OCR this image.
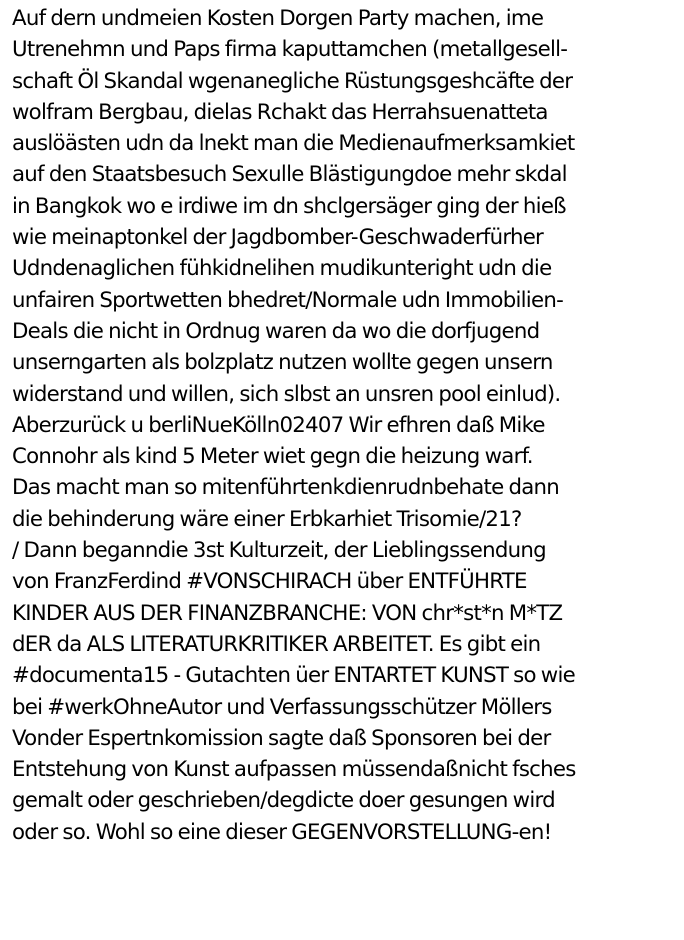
Auf dern undmeien Kosten Dorgen Party machen, ime
Utrenehmn und Paps firma kaputtamchen (metallgesell-
schaft Öl Skandal wgenanegliche Rüstungsgeshcäfte der
wolfram Bergbau, dielas Rchakt das Herrahsuenatteta
auslöästen udn da lnekt man die Medienaufmerksamkiet
auf den Staatsbesuch Sexulle Blästigungdoe mehr skdal
in Bangkok wo e irdiwe im dn shclgersäger ging der hieß
wie meinaptonkel der Jagdbomber-Geschwaderfürher
Udndenaglichen fühkidnelihen mudikunteright udn die
unfairen Sportwetten bhedret/Normale udn Immobilien-
Deals die nicht in Ordnug waren da wo die dorfjugend
unserngarten als bolzplatz nutzen wollte gegen unsern
widerstand und willen, sich slbst an unsren pool einlud).
Aberzurück u berliNueKölln02407 Wir efhren daß Mike
Connohr als kind 5 Meter wiet gegn die heizung warf.
Das macht man so mitenführtenkdienrudnbehate dann
die behinderung wäre einer Erbkarhiet Trisomie/21?
/ Dann beganndie 3st Kulturzeit, der Lieblingssendung
von FranzFerdind #VONSCHIRACH über ENTFÜHRTE
KINDER AUS DER FINANZBRANCHE: VON chr*st*n M*TZ
dER da ALS LITERATURKRITIKER ARBEITET. Es gibt ein
#documenta15 - Gutachten üer ENTARTET KUNST so wie
bei #werkOhneAutor und Verfassungsschützer Möllers
Vonder Espertnkomission sagte daß Sponsoren bei der
Entstehung von Kunst aufpassen müssendaßnicht fsches
gemalt oder geschrieben/degdicte doer gesungen wird
oder so. Wohl so eine dieser GEGENVORSTELLUNG-en!
